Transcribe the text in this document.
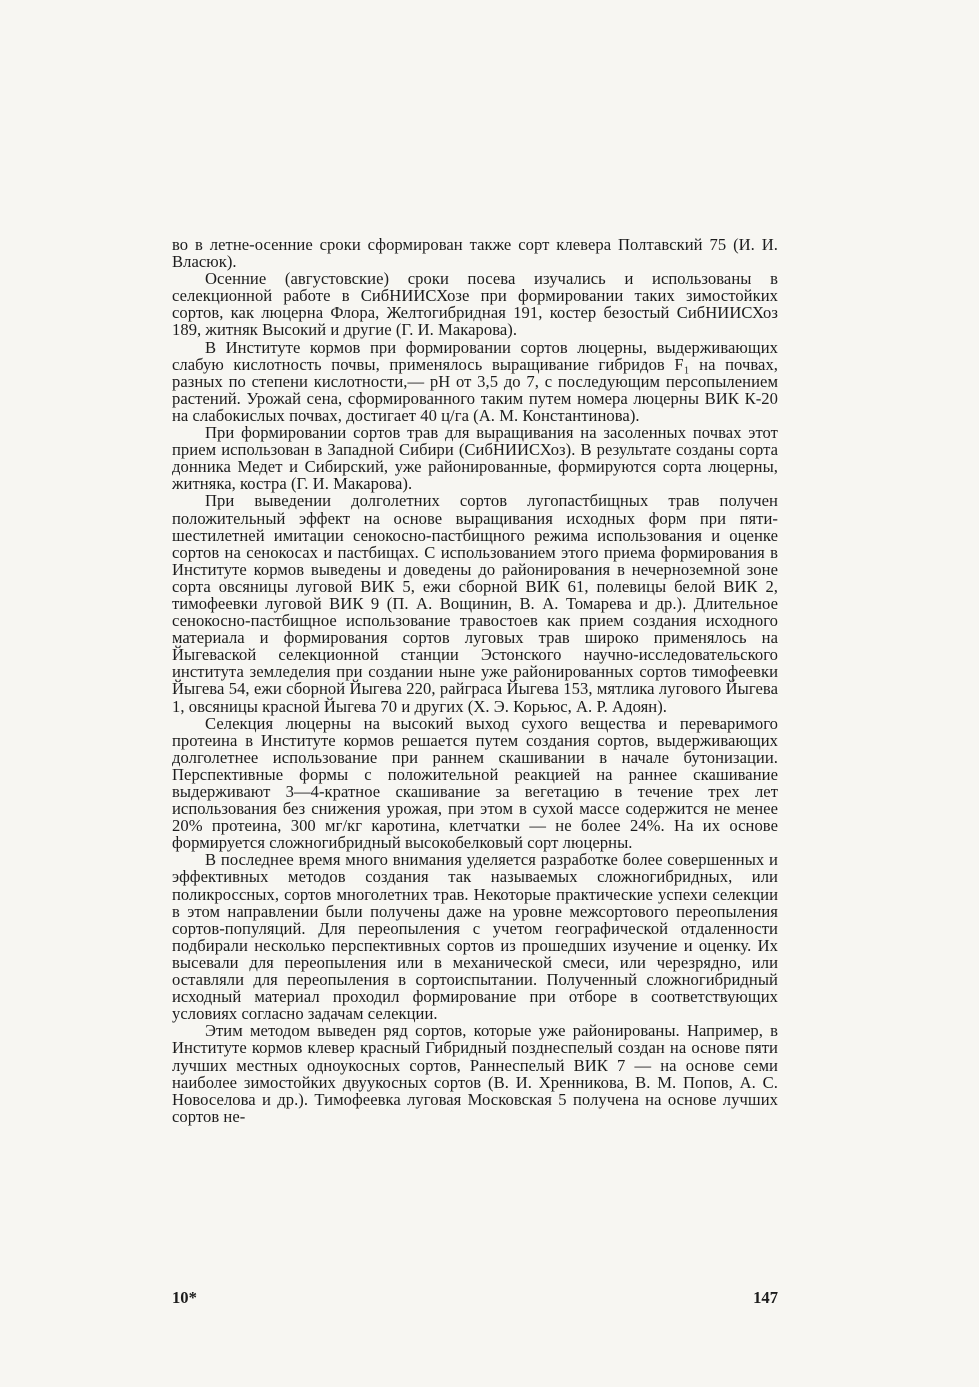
во в летне-осенние сроки сформирован также сорт клевера Полтавский 75 (И. И. Власюк).

Осенние (августовские) сроки посева изучались и использованы в селекционной работе в СибНИИСХозе при формировании таких зимостойких сортов, как люцерна Флора, Желтогибридная 191, костер безостый СибНИИСХоз 189, житняк Высокий и другие (Г. И. Макарова).

В Институте кормов при формировании сортов люцерны, выдерживающих слабую кислотность почвы, применялось выращивание гибридов F₁ на почвах, разных по степени кислотности,— pH от 3,5 до 7, с последующим персопылением растений. Урожай сена, сформированного таким путем номера люцерны ВИК К-20 на слабокислых почвах, достигает 40 ц/га (А. М. Константинова).

При формировании сортов трав для выращивания на засоленных почвах этот прием использован в Западной Сибири (СибНИИСХоз). В результате созданы сорта донника Медет и Сибирский, уже районированные, формируются сорта люцерны, житняка, костра (Г. И. Макарова).

При выведении долголетних сортов лугопастбищных трав получен положительный эффект на основе выращивания исходных форм при пяти-шестилетней имитации сенокосно-пастбищного режима использования и оценке сортов на сенокосах и пастбищах. С использованием этого приема формирования в Институте кормов выведены и доведены до районирования в нечерноземной зоне сорта овсяницы луговой ВИК 5, ежи сборной ВИК 61, полевицы белой ВИК 2, тимофеевки луговой ВИК 9 (П. А. Вощинин, В. А. Томарева и др.). Длительное сенокосно-пастбищное использование травостоев как прием создания исходного материала и формирования сортов луговых трав широко применялось на Йыгеваской селекционной станции Эстонского научно-исследовательского института земледелия при создании ныне уже районированных сортов тимофеевки Йыгева 54, ежи сборной Йыгева 220, райграса Йыгева 153, мятлика лугового Йыгева 1, овсяницы красной Йыгева 70 и других (Х. Э. Корьюс, А. Р. Адоян).

Селекция люцерны на высокий выход сухого вещества и переваримого протеина в Институте кормов решается путем создания сортов, выдерживающих долголетнее использование при раннем скашивании в начале бутонизации. Перспективные формы с положительной реакцией на раннее скашивание выдерживают 3—4-кратное скашивание за вегетацию в течение трех лет использования без снижения урожая, при этом в сухой массе содержится не менее 20% протеина, 300 мг/кг каротина, клетчатки — не более 24%. На их основе формируется сложногибридный высокобелковый сорт люцерны.

В последнее время много внимания уделяется разработке более совершенных и эффективных методов создания так называемых сложногибридных, или поликроссных, сортов многолетних трав. Некоторые практические успехи селекции в этом направлении были получены даже на уровне межсортового переопыления сортов-популяций. Для переопыления с учетом географической отдаленности подбирали несколько перспективных сортов из прошедших изучение и оценку. Их высевали для переопыления или в механической смеси, или черезрядно, или оставляли для переопыления в сортоиспытании. Полученный сложногибридный исходный материал проходил формирование при отборе в соответствующих условиях согласно задачам селекции.

Этим методом выведен ряд сортов, которые уже районированы. Например, в Институте кормов клевер красный Гибридный позднеспелый создан на основе пяти лучших местных одноукосных сортов, Раннеспелый ВИК 7 — на основе семи наиболее зимостойких двуукосных сортов (В. И. Хренникова, В. М. Попов, А. С. Новоселова и др.). Тимофеевка луговая Московская 5 получена на основе лучших сортов не-

10*	147
